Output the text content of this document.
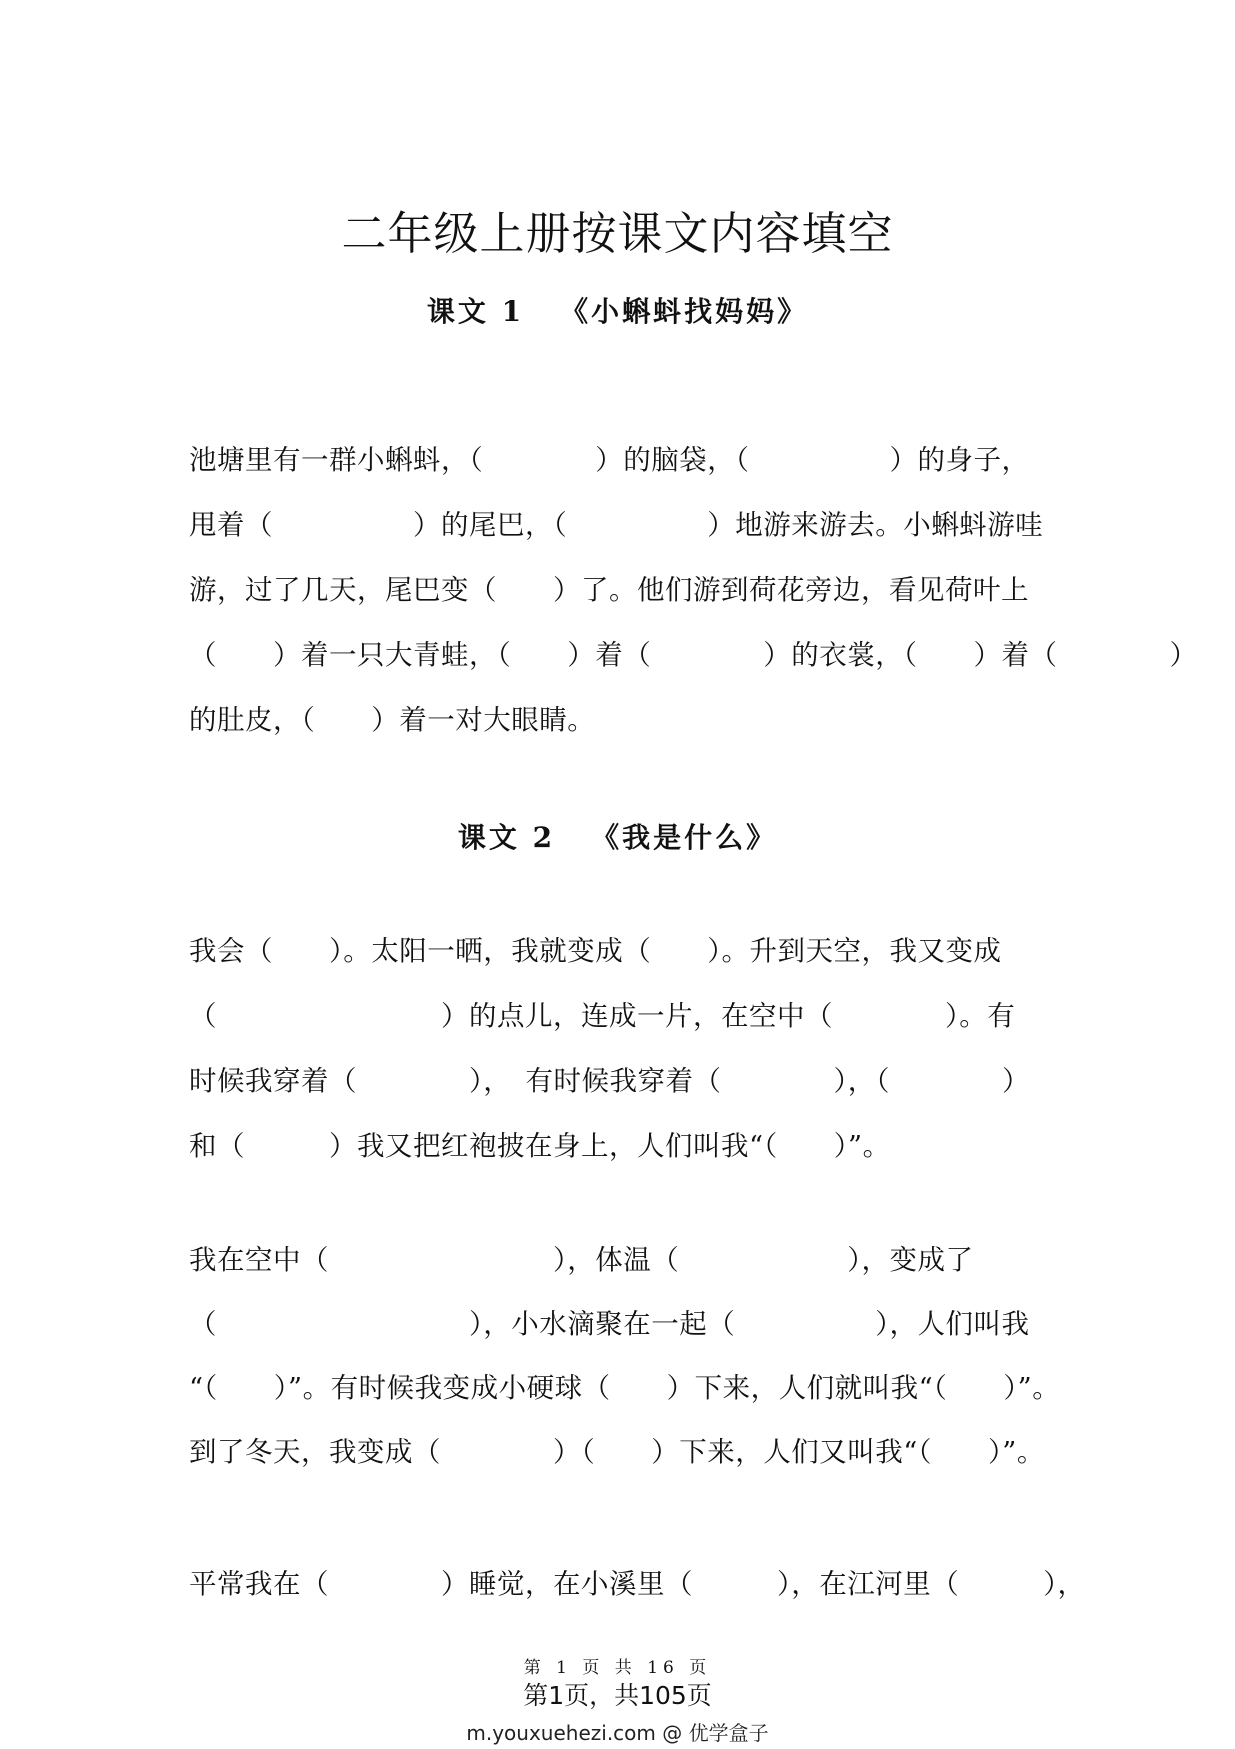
二年级上册按课文内容填空
课文 1 《小蝌蚪找妈妈》
池塘里有一群小蝌蚪，（　　　　）的脑袋，（　　　　　）的身子，
甩着（　　　　　）的尾巴，（　　　　　）地游来游去。小蝌蚪游哇
游，过了几天，尾巴变（　　）了。他们游到荷花旁边，看见荷叶上
（　　）着一只大青蛙，（　　）着（　　　　）的衣裳，（　　）着（　　　　）
的肚皮，（　　）着一对大眼睛。
课文 2 《我是什么》
我会（　　）。太阳一晒，我就变成（　　）。升到天空，我又变成
（　　　　　　　　）的点儿，连成一片，在空中（　　　　）。有
时候我穿着（　　　　），　有时候我穿着（　　　　），（　　　　）
和（　　　）我又把红袍披在身上，人们叫我“（　　）”。
我在空中（　　　　　　　　），体温（　　　　　　），变成了
（　　　　　　　　　），小水滴聚在一起（　　　　　），人们叫我
“（　　）”。有时候我变成小硬球（　　）下来，人们就叫我“（　　）”。
到了冬天，我变成（　　　　）（　　）下来，人们又叫我“（　　）”。
平常我在（　　　　）睡觉，在小溪里（　　　），在江河里（　　　），
第 1 页 共 16 页
第1页，共105页
m.youxuehezi.com @ 优学盒子
